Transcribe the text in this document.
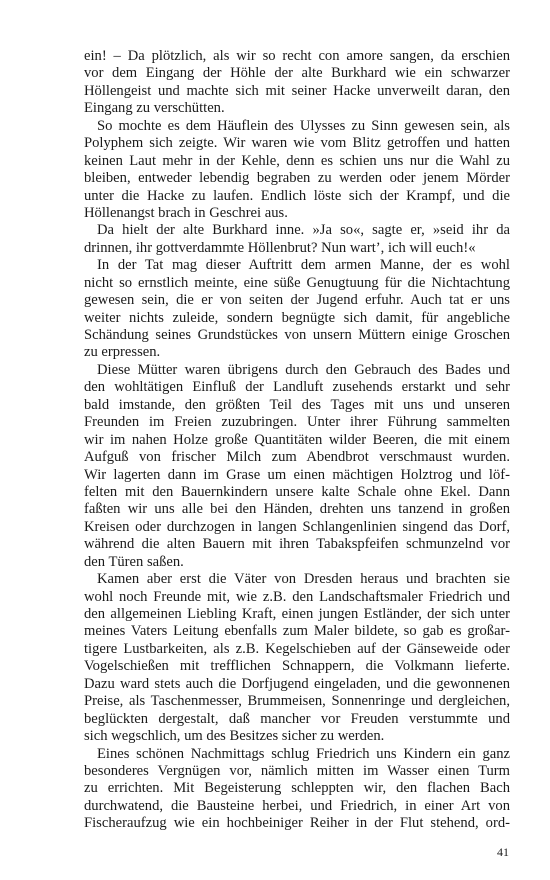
ein! – Da plötzlich, als wir so recht con amore sangen, da erschien
vor dem Eingang der Höhle der alte Burkhard wie ein schwarzer
Höllengeist und machte sich mit seiner Hacke unverweilt daran, den
Eingang zu verschütten.
So mochte es dem Häuflein des Ulysses zu Sinn gewesen sein, als
Polyphem sich zeigte. Wir waren wie vom Blitz getroffen und hatten
keinen Laut mehr in der Kehle, denn es schien uns nur die Wahl zu
bleiben, entweder lebendig begraben zu werden oder jenem Mörder
unter die Hacke zu laufen. Endlich löste sich der Krampf, und die
Höllenangst brach in Geschrei aus.
Da hielt der alte Burkhard inne. »Ja so«, sagte er, »seid ihr da
drinnen, ihr gottverdammte Höllenbrut? Nun wart’, ich will euch!«
In der Tat mag dieser Auftritt dem armen Manne, der es wohl
nicht so ernstlich meinte, eine süße Genugtuung für die Nichtachtung
gewesen sein, die er von seiten der Jugend erfuhr. Auch tat er uns
weiter nichts zuleide, sondern begnügte sich damit, für angebliche
Schändung seines Grundstückes von unsern Müttern einige Groschen
zu erpressen.
Diese Mütter waren übrigens durch den Gebrauch des Bades und
den wohltätigen Einfluß der Landluft zusehends erstarkt und sehr
bald imstande, den größten Teil des Tages mit uns und unseren
Freunden im Freien zuzubringen. Unter ihrer Führung sammelten
wir im nahen Holze große Quantitäten wilder Beeren, die mit einem
Aufguß von frischer Milch zum Abendbrot verschmaust wurden.
Wir lagerten dann im Grase um einen mächtigen Holztrog und löf-
felten mit den Bauernkindern unsere kalte Schale ohne Ekel. Dann
faßten wir uns alle bei den Händen, drehten uns tanzend in großen
Kreisen oder durchzogen in langen Schlangenlinien singend das Dorf,
während die alten Bauern mit ihren Tabakspfeifen schmunzelnd vor
den Türen saßen.
Kamen aber erst die Väter von Dresden heraus und brachten sie
wohl noch Freunde mit, wie z.B. den Landschaftsmaler Friedrich und
den allgemeinen Liebling Kraft, einen jungen Estländer, der sich unter
meines Vaters Leitung ebenfalls zum Maler bildete, so gab es großar-
tigere Lustbarkeiten, als z.B. Kegelschieben auf der Gänseweide oder
Vogelschießen mit trefflichen Schnappern, die Volkmann lieferte.
Dazu ward stets auch die Dorfjugend eingeladen, und die gewonnenen
Preise, als Taschenmesser, Brummeisen, Sonnenringe und dergleichen,
beglückten dergestalt, daß mancher vor Freuden verstummte und
sich wegschlich, um des Besitzes sicher zu werden.
Eines schönen Nachmittags schlug Friedrich uns Kindern ein ganz
besonderes Vergnügen vor, nämlich mitten im Wasser einen Turm
zu errichten. Mit Begeisterung schleppten wir, den flachen Bach
durchwatend, die Bausteine herbei, und Friedrich, in einer Art von
Fischeraufzug wie ein hochbeiniger Reiher in der Flut stehend, ord-
41
